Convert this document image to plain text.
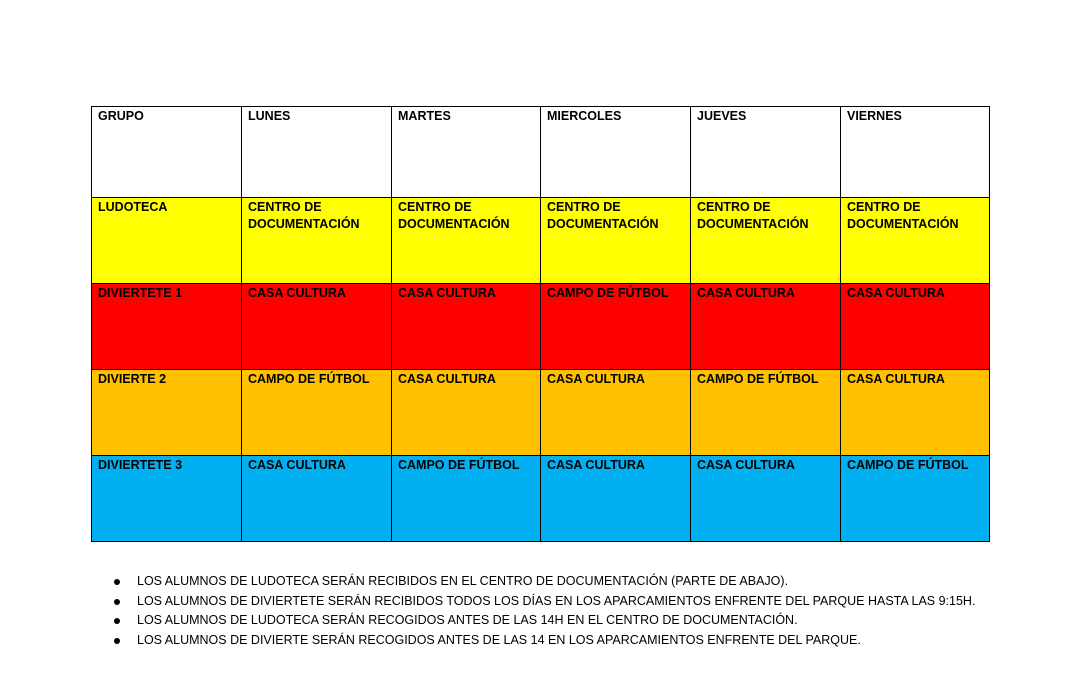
GRUPO	LUNES	MARTES	MIERCOLES	JUEVES	VIERNES
LUDOTECA	CENTRO DE DOCUMENTACIÓN	CENTRO DE DOCUMENTACIÓN	CENTRO DE DOCUMENTACIÓN	CENTRO DE DOCUMENTACIÓN	CENTRO DE DOCUMENTACIÓN
DIVIERTETE 1	CASA CULTURA	CASA CULTURA	CAMPO DE FÚTBOL	CASA CULTURA	CASA CULTURA
DIVIERTE 2	CAMPO DE FÚTBOL	CASA CULTURA	CASA CULTURA	CAMPO DE FÚTBOL	CASA CULTURA
DIVIERTETE 3	CASA CULTURA	CAMPO DE FÚTBOL	CASA CULTURA	CASA CULTURA	CAMPO DE FÚTBOL
LOS ALUMNOS DE LUDOTECA SERÁN RECIBIDOS EN EL CENTRO DE DOCUMENTACIÓN (PARTE DE ABAJO).
LOS ALUMNOS DE DIVIERTETE SERÁN RECIBIDOS TODOS LOS DÍAS EN LOS APARCAMIENTOS ENFRENTE DEL PARQUE HASTA LAS 9:15H.
LOS ALUMNOS DE LUDOTECA SERÁN RECOGIDOS ANTES DE LAS 14H EN EL CENTRO DE DOCUMENTACIÓN.
LOS ALUMNOS DE DIVIERTE SERÁN RECOGIDOS ANTES DE LAS 14 EN LOS APARCAMIENTOS ENFRENTE DEL PARQUE.
